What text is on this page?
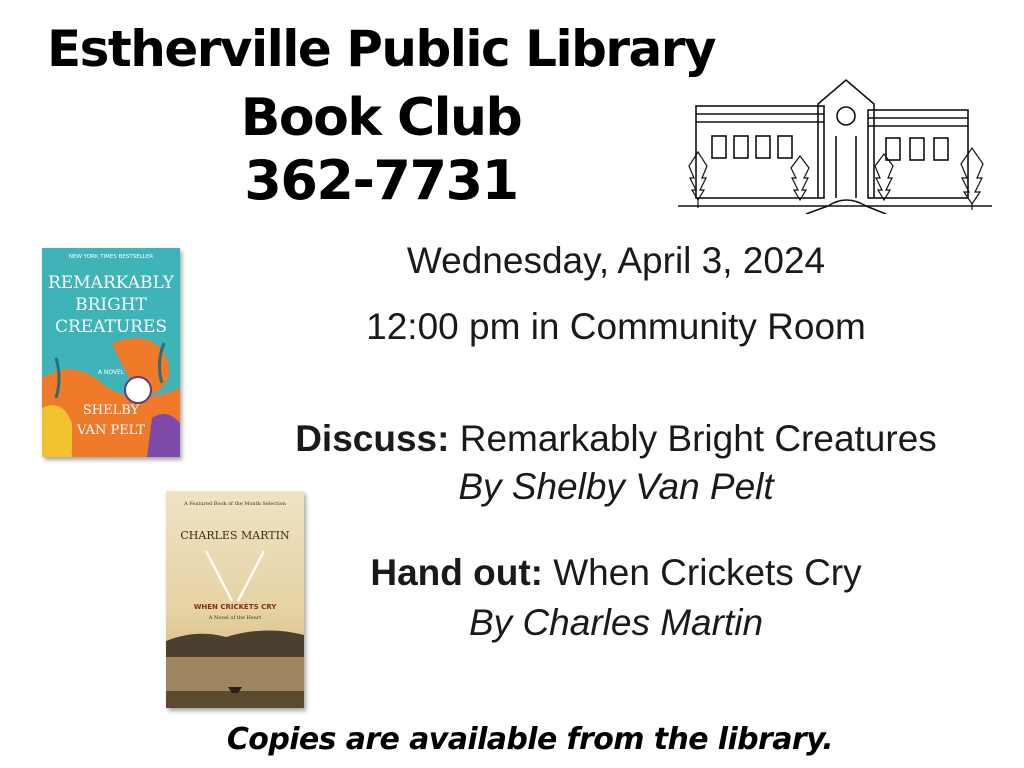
Estherville Public Library
Book Club
362-7731
NEW YORK TIMES BESTSELLER
REMARKABLY
BRIGHT
CREATURES
A NOVEL
SHELBY
VAN PELT
A Featured Book of the Month Selection
CHARLES MARTIN
WHEN CRICKETS CRY
A Novel of the Heart
Wednesday, April 3, 2024
12:00 pm in Community Room
Discuss: Remarkably Bright Creatures
By Shelby Van Pelt
Hand out: When Crickets Cry
By Charles Martin
Copies are available from the library.
